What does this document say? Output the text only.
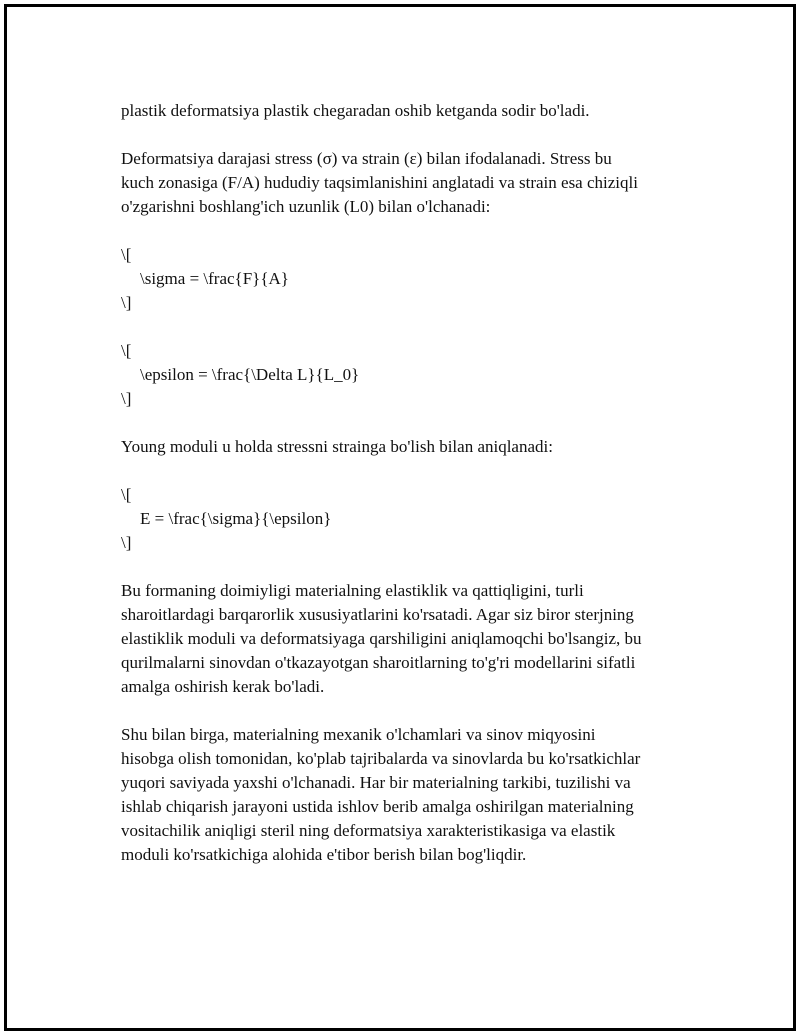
plastik deformatsiya plastik chegaradan oshib ketganda sodir bo'ladi.

Deformatsiya darajasi stress (σ) va strain (ε) bilan ifodalanadi. Stress bu
kuch zonasiga (F/A) hududiy taqsimlanishini anglatadi va strain esa chiziqli
o'zgarishni boshlang'ich uzunlik (L0) bilan o'lchanadi:

\[
\sigma = \frac{F}{A}
\]
\[
\epsilon = \frac{\Delta L}{L_0}
\]

Young moduli u holda stressni strainga bo'lish bilan aniqlanadi:

\[
E = \frac{\sigma}{\epsilon}
\]

Bu formaning doimiyligi materialning elastiklik va qattiqligini, turli
sharoitlardagi barqarorlik xususiyatlarini ko'rsatadi. Agar siz biror sterjning
elastiklik moduli va deformatsiyaga qarshiligini aniqlamoqchi bo'lsangiz, bu
qurilmalarni sinovdan o'tkazayotgan sharoitlarning to'g'ri modellarini sifatli
amalga oshirish kerak bo'ladi.

Shu bilan birga, materialning mexanik o'lchamlari va sinov miqyosini
hisobga olish tomonidan, ko'plab tajribalarda va sinovlarda bu ko'rsatkichlar
yuqori saviyada yaxshi o'lchanadi. Har bir materialning tarkibi, tuzilishi va
ishlab chiqarish jarayoni ustida ishlov berib amalga oshirilgan materialning
vositachilik aniqligi steril ning deformatsiya xarakteristikasiga va elastik
moduli ko'rsatkichiga alohida e'tibor berish bilan bog'liqdir.
